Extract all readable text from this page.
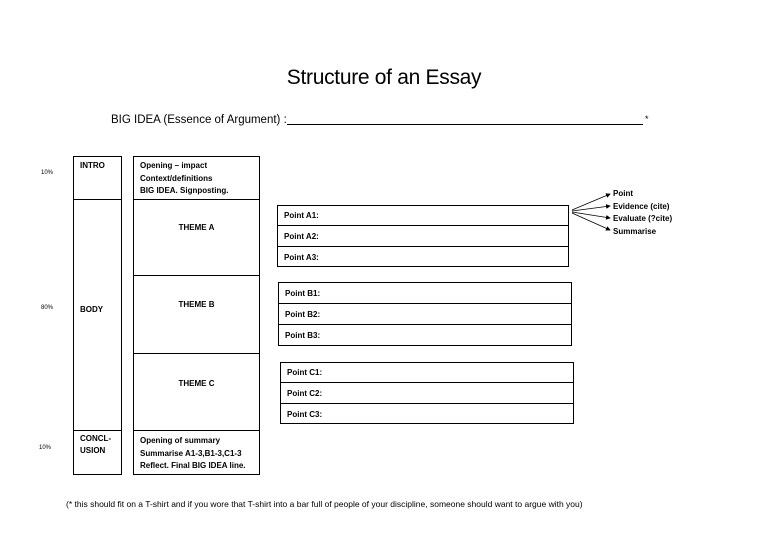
Structure of an Essay
BIG IDEA (Essence of Argument) :	*
10%
80%
10%
INTRO
BODY
CONCL-
USION
Opening – impact
Context/definitions
BIG IDEA. Signposting.
THEME A
THEME B
THEME C
Opening of summary
Summarise A1-3,B1-3,C1-3
Reflect. Final BIG IDEA line.
Point A1:
Point A2:
Point A3:
Point B1:
Point B2:
Point B3:
Point C1:
Point C2:
Point C3:
Point
Evidence (cite)
Evaluate (?cite)
Summarise
(* this should fit on a T-shirt and if you wore that T-shirt into a bar full of people of your discipline, someone should want to argue with you)
